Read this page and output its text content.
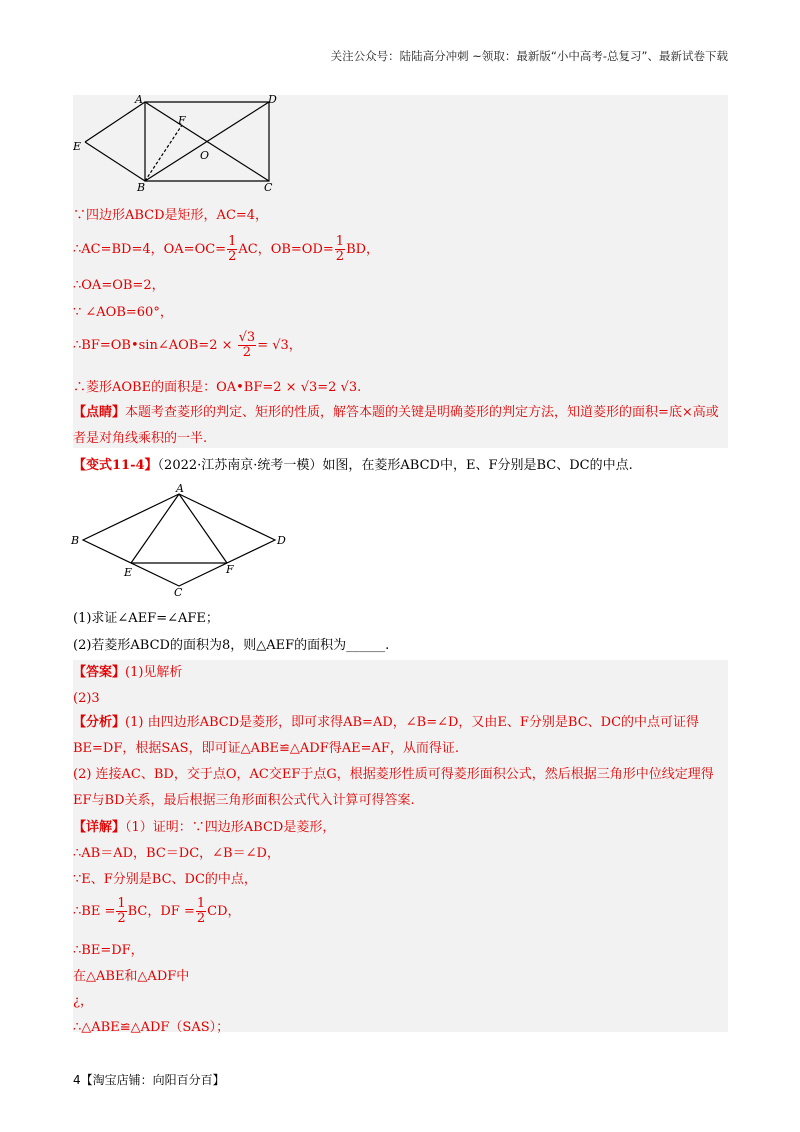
关注公众号：陆陆高分冲刺 ~领取：最新版“小中高考-总复习”、最新试卷下载
A	D
E
F
O
B	C
∵四边形ABCD是矩形，AC=4，
∴AC=BD=4，$OA=OC= \frac{1}{2}$ AC，$OB=OD= \frac{1}{2}$ BD，
∴OA=OB=2，
∵ ∠AOB=60°，
∴BF=OB•sin∠AOB=2 × $\frac{√3}{2} = √3$，
∴菱形AOBE的面积是：OA•BF=2 × √3=2 √3.
【点睛】本题考查菱形的判定、矩形的性质，解答本题的关键是明确菱形的判定方法，知道菱形的面积=底×高或者是对角线乘积的一半.
【变式11-4】（2022·江苏南京·统考一模）如图，在菱形ABCD中，E、F分别是BC、DC的中点.
A
B	D
E	F
C
(1)求证∠AEF=∠AFE；
(2)若菱形ABCD的面积为8，则△AEF的面积为______.
【答案】(1)见解析
(2)3
【分析】(1) 由四边形ABCD是菱形，即可求得AB=AD，∠B=∠D，又由E、F分别是BC、DC的中点可证得BE=DF，根据SAS，即可证△ABE≌△ADF得AE=AF，从而得证.
(2) 连接AC、BD，交于点O，AC交EF于点G，根据菱形性质可得菱形面积公式，然后根据三角形中位线定理得EF与BD关系，最后根据三角形面积公式代入计算可得答案.
【详解】（1）证明：∵四边形ABCD是菱形，
∴AB＝AD，BC＝DC，∠B＝∠D，
∵E、F分别是BC、DC的中点，
∴BE = $\frac{1}{2}$ BC，DF = $\frac{1}{2}$ CD，
∴BE=DF，
在△ABE和△ADF中
¿，
∴△ABE≌△ADF（SAS）；
4【淘宝店铺：向阳百分百】
